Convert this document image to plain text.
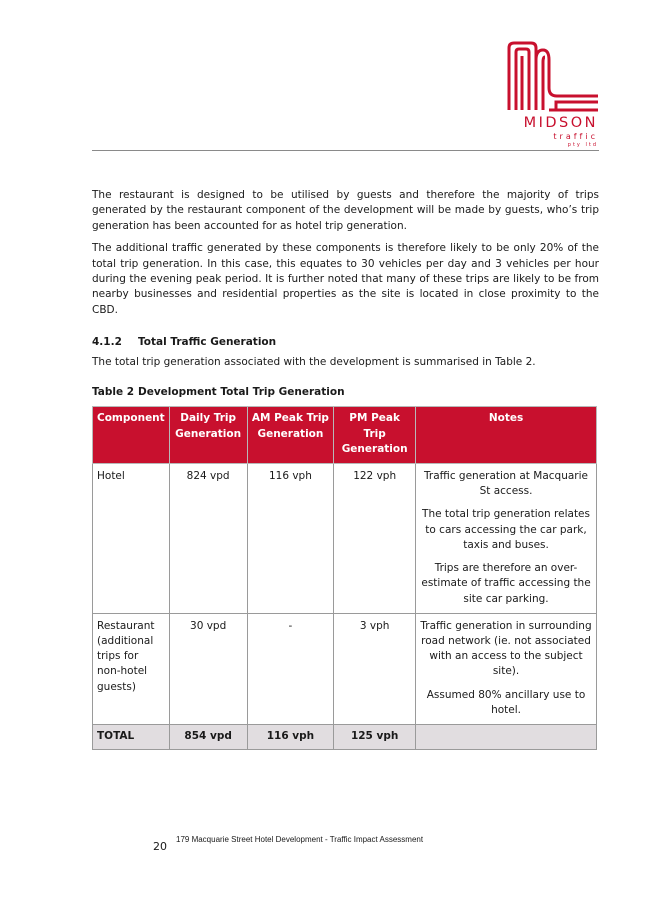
MIDSON
traffic
pty ltd

The restaurant is designed to be utilised by guests and therefore the majority of trips generated by the restaurant component of the development will be made by guests, who’s trip generation has been accounted for as hotel trip generation.

The additional traffic generated by these components is therefore likely to be only 20% of the total trip generation. In this case, this equates to 30 vehicles per day and 3 vehicles per hour during the evening peak period. It is further noted that many of these trips are likely to be from nearby businesses and residential properties as the site is located in close proximity to the CBD.

4.1.2	Total Traffic Generation

The total trip generation associated with the development is summarised in Table 2.

Table 2 Development Total Trip Generation
Component	Daily Trip Generation	AM Peak Trip Generation	PM Peak Trip Generation	Notes
Hotel	824 vpd	116 vph	122 vph	Traffic generation at Macquarie St access.
The total trip generation relates to cars accessing the car park, taxis and buses.
Trips are therefore an over-estimate of traffic accessing the site car parking.

Restaurant (additional trips for non-hotel guests)	30 vpd	-	3 vph	Traffic generation in surrounding road network (ie. not associated with an access to the subject site).
Assumed 80% ancillary use to hotel.

TOTAL	854 vpd	116 vph	125 vph	
20
179 Macquarie Street Hotel Development - Traffic Impact Assessment
